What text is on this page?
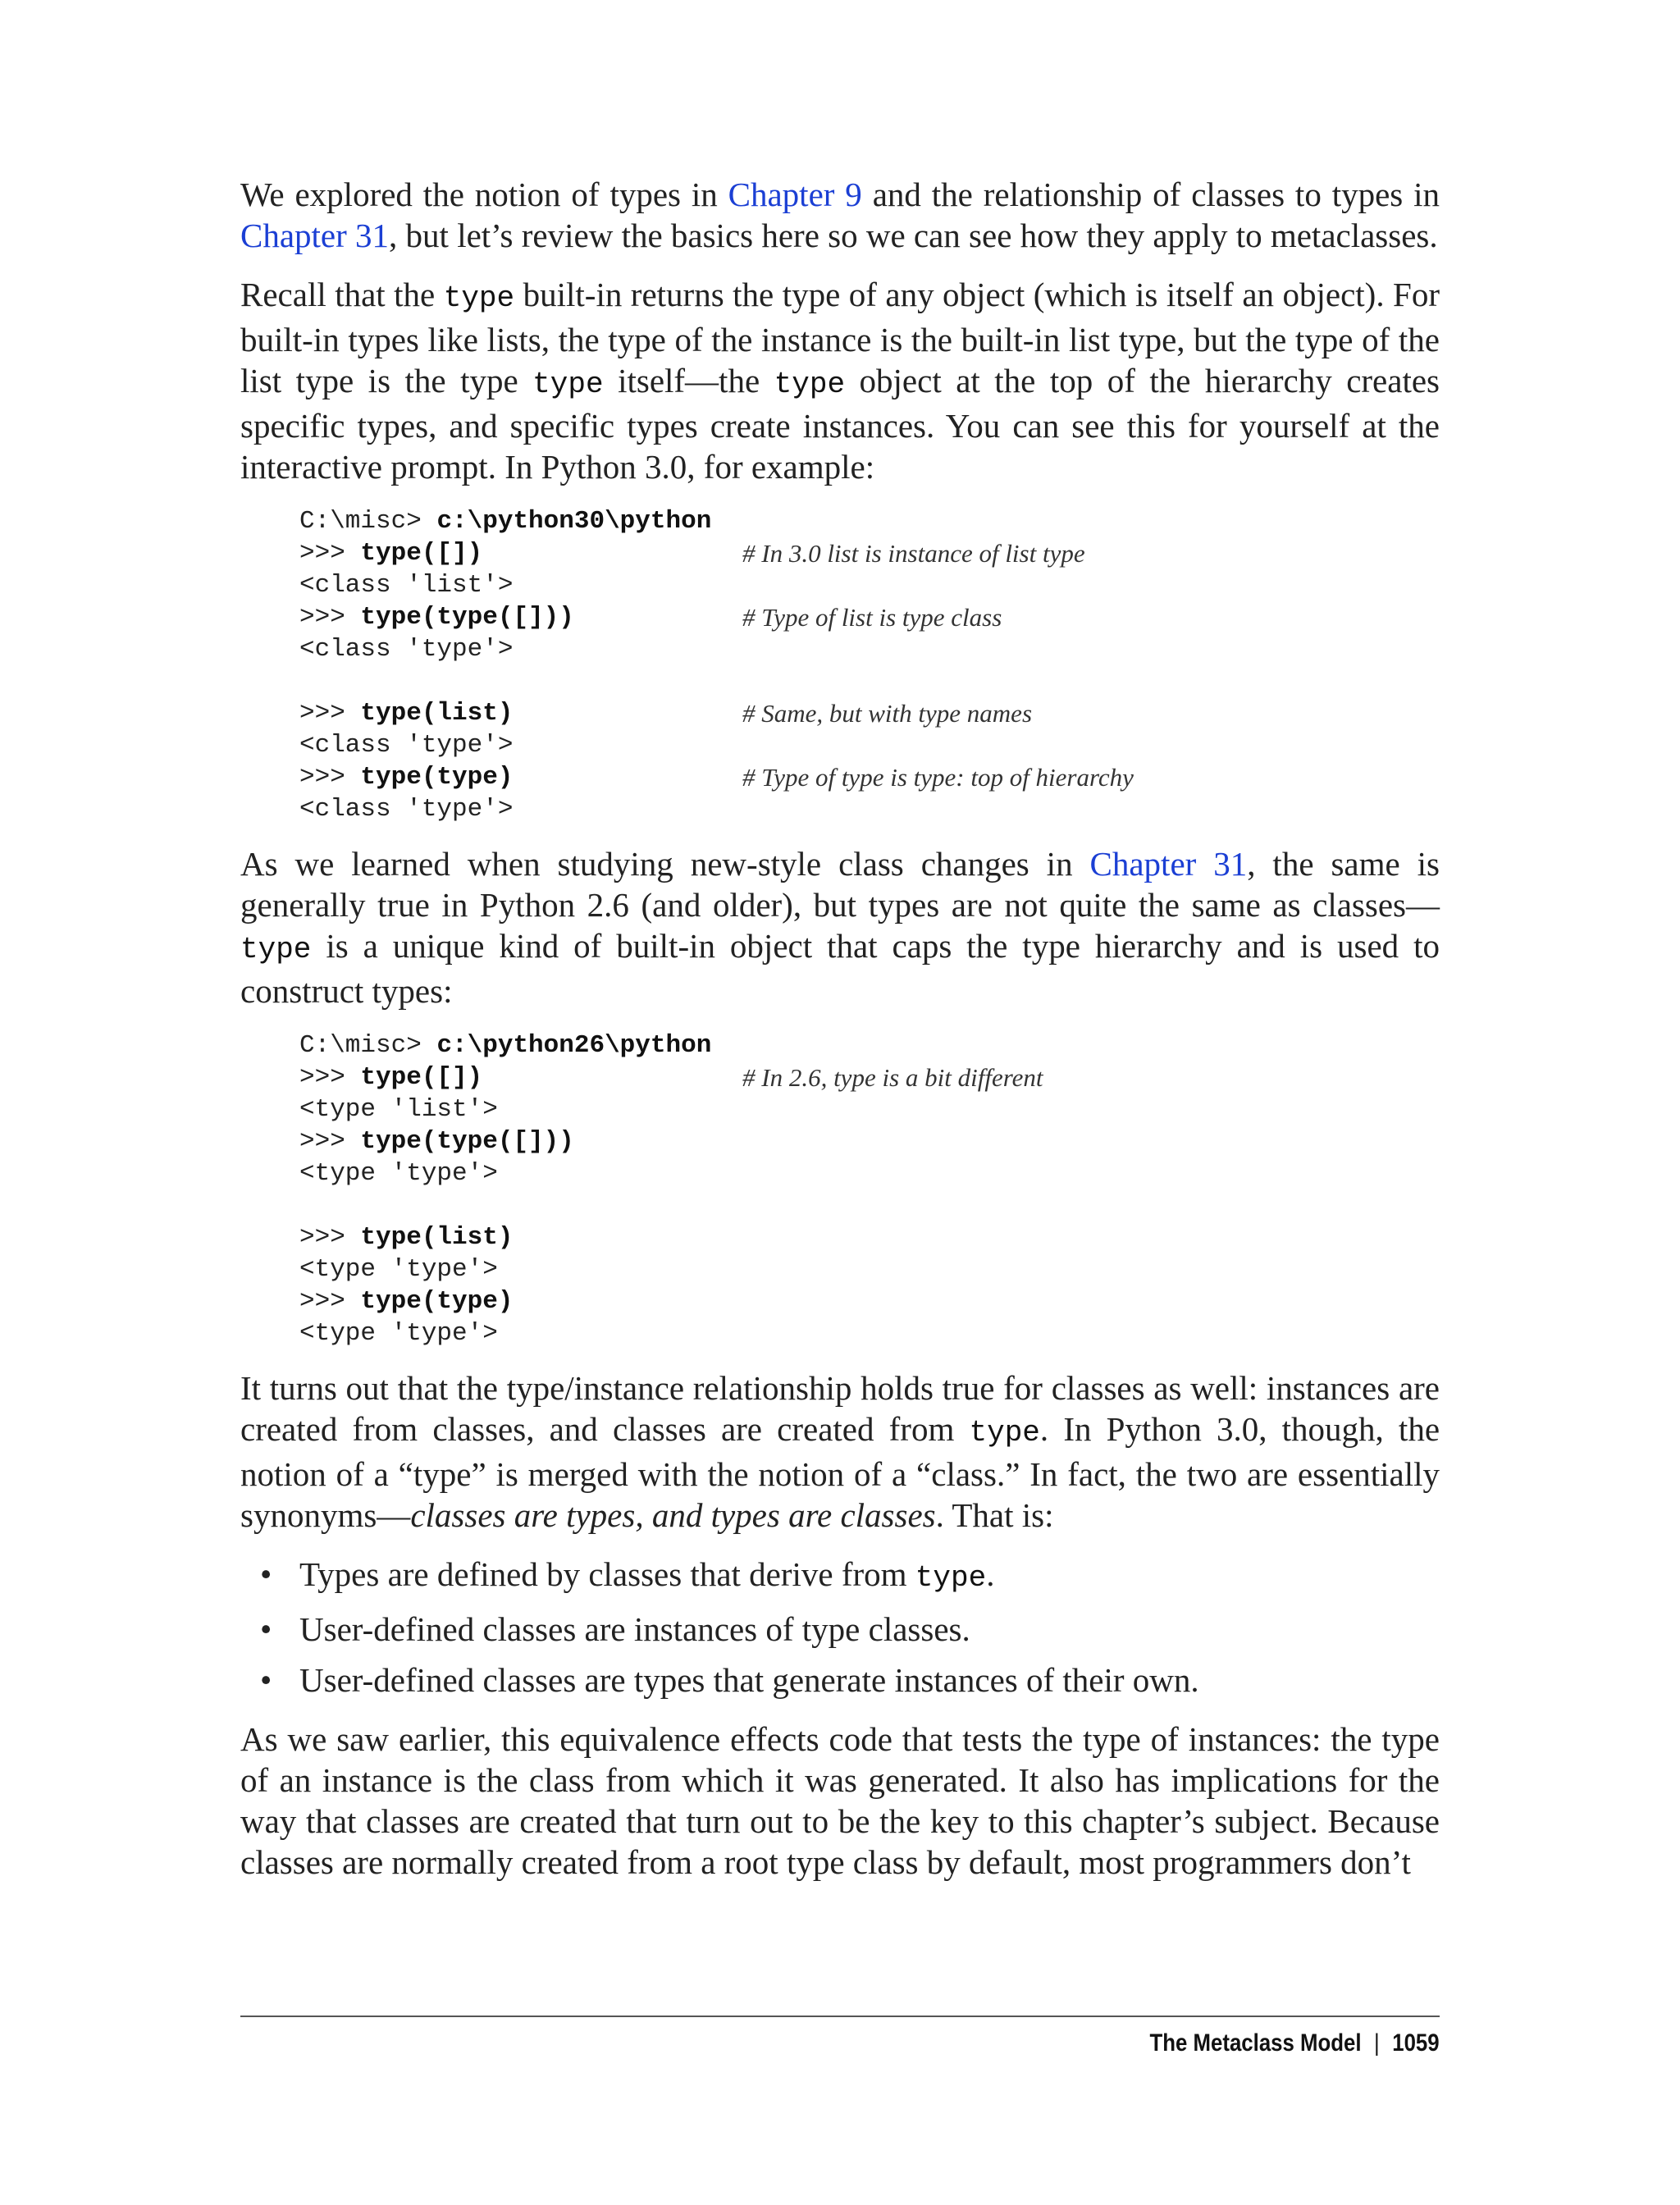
We explored the notion of types in Chapter 9 and the relationship of classes to types in Chapter 31, but let’s review the basics here so we can see how they apply to metaclasses.

Recall that the type built-in returns the type of any object (which is itself an object). For built-in types like lists, the type of the instance is the built-in list type, but the type of the list type is the type type itself—the type object at the top of the hierarchy creates specific types, and specific types create instances. You can see this for yourself at the interactive prompt. In Python 3.0, for example:

C:\misc> c:\python30\python
>>> type([])	# In 3.0 list is instance of list type
<class 'list'>
>>> type(type([]))	# Type of list is type class
<class 'type'>
>>> type(list)	# Same, but with type names
<class 'type'>
>>> type(type)	# Type of type is type: top of hierarchy
<class 'type'>

As we learned when studying new-style class changes in Chapter 31, the same is generally true in Python 2.6 (and older), but types are not quite the same as classes—type is a unique kind of built-in object that caps the type hierarchy and is used to construct types:

C:\misc> c:\python26\python
>>> type([])	# In 2.6, type is a bit different
<type 'list'>
>>> type(type([]))
<type 'type'>
>>> type(list)
<type 'type'>
>>> type(type)
<type 'type'>

It turns out that the type/instance relationship holds true for classes as well: instances are created from classes, and classes are created from type. In Python 3.0, though, the notion of a “type” is merged with the notion of a “class.” In fact, the two are essentially synonyms—classes are types, and types are classes. That is:

• Types are defined by classes that derive from type.
• User-defined classes are instances of type classes.
• User-defined classes are types that generate instances of their own.

As we saw earlier, this equivalence effects code that tests the type of instances: the type of an instance is the class from which it was generated. It also has implications for the way that classes are created that turn out to be the key to this chapter’s subject. Because classes are normally created from a root type class by default, most programmers don’t

The Metaclass Model | 1059
